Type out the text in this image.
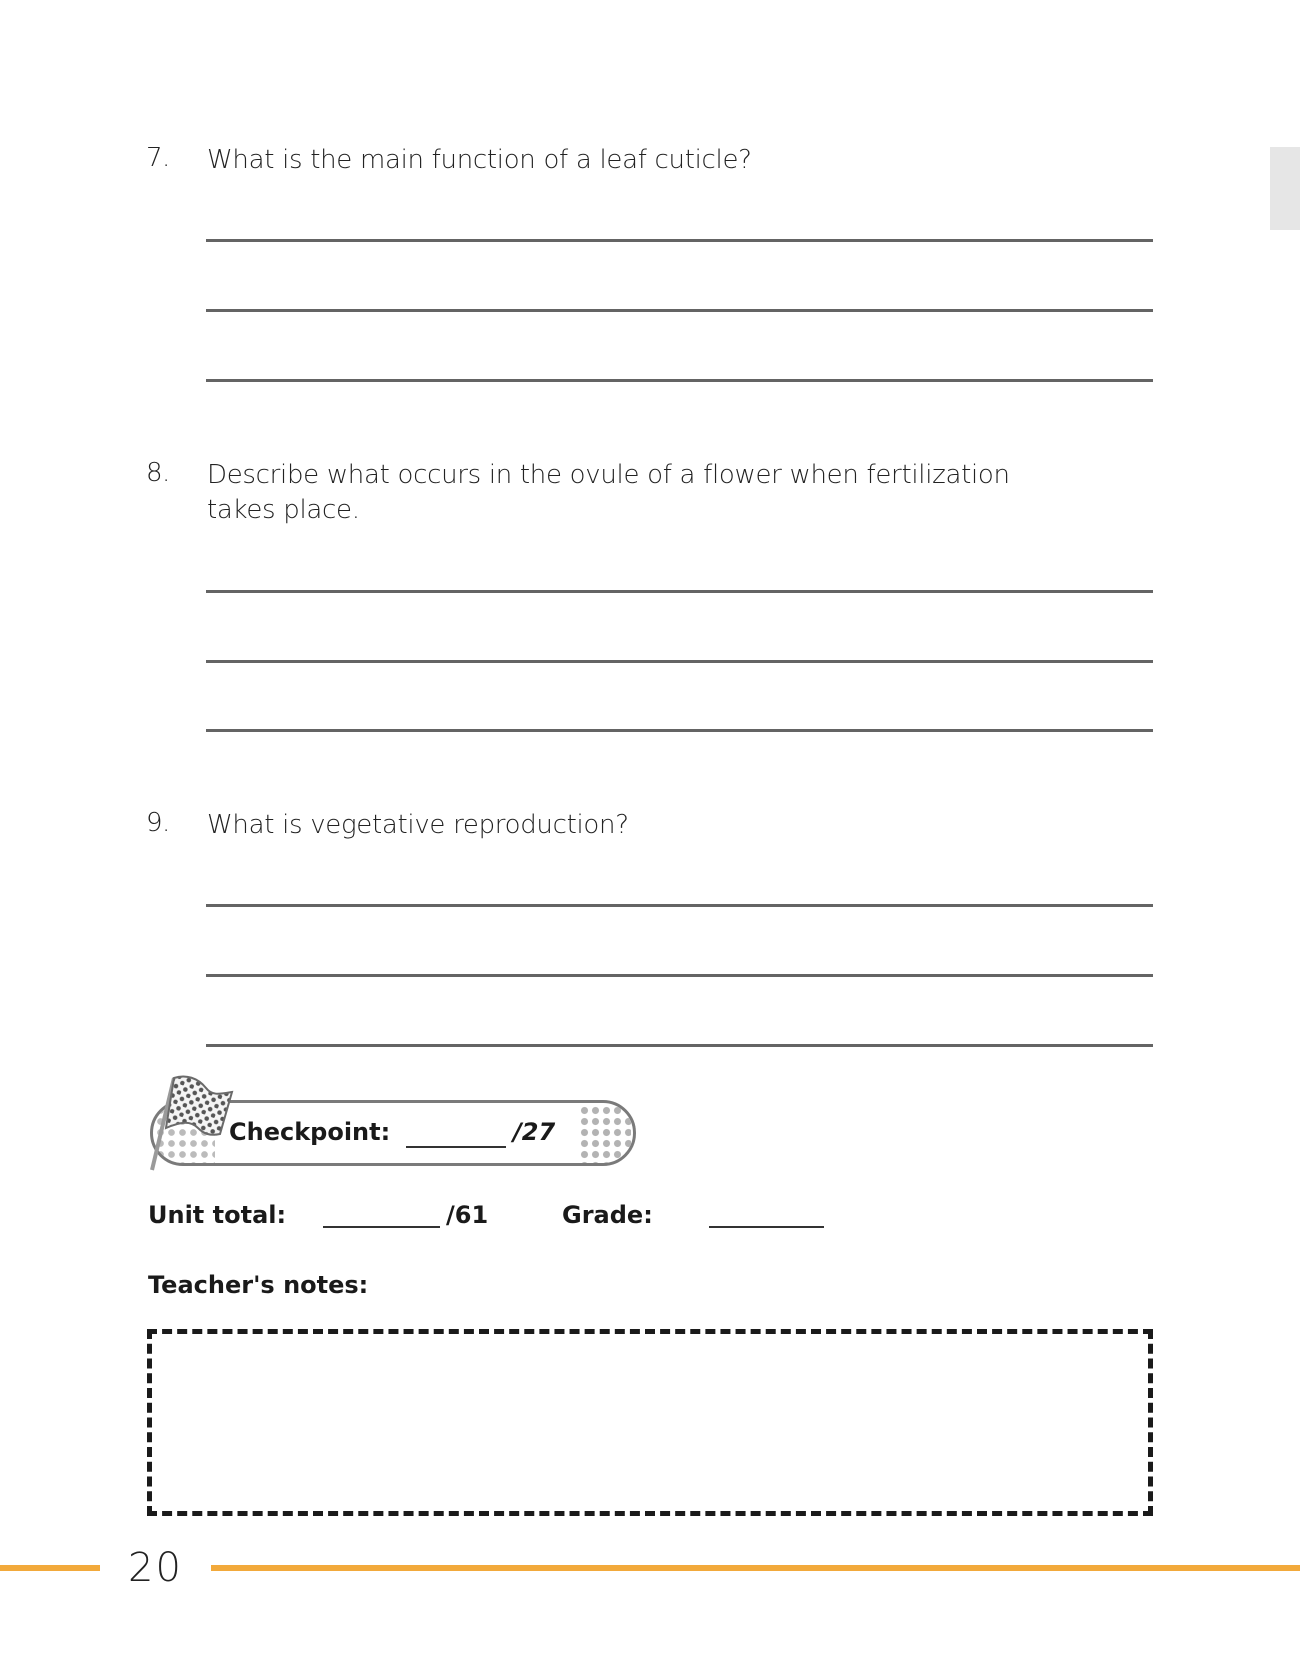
7. What is the main function of a leaf cuticle?
8. Describe what occurs in the ovule of a flower when fertilization
takes place.
9. What is vegetative reproduction?
Checkpoint:	/27
Unit total:	/61	Grade:
Teacher's notes:
20
